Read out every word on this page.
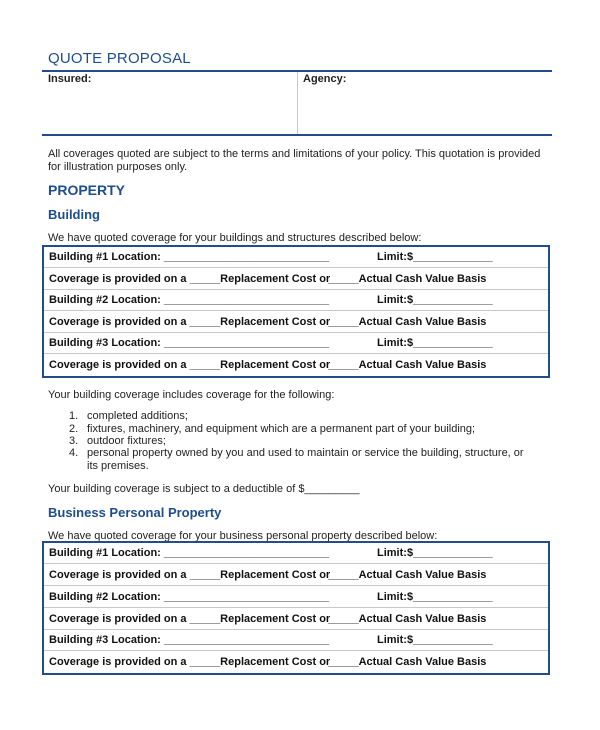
QUOTE PROPOSAL
Insured:	Agency:
All coverages quoted are subject to the terms and limitations of your policy. This quotation is provided for illustration purposes only.
PROPERTY
Building
We have quoted coverage for your buildings and structures described below:
Building #1 Location: ___________________________	Limit:$_____________
Coverage is provided on a _____Replacement Cost or
_____Actual Cash Value Basis
Building #2 Location: ___________________________	Limit:$_____________
Coverage is provided on a _____Replacement Cost or
_____Actual Cash Value Basis
Building #3 Location: ___________________________	Limit:$_____________
Coverage is provided on a _____Replacement Cost or
_____Actual Cash Value Basis
Your building coverage includes coverage for the following:
1. completed additions;
2. fixtures, machinery, and equipment which are a permanent part of your building;
3. outdoor fixtures;
4. personal property owned by you and used to maintain or service the building, structure, or its premises.
Your building coverage is subject to a deductible of $_________
Business Personal Property
We have quoted coverage for your business personal property described below:
Building #1 Location: ___________________________	Limit:$_____________
Coverage is provided on a _____Replacement Cost or
_____Actual Cash Value Basis
Building #2 Location: ___________________________	Limit:$_____________
Coverage is provided on a _____Replacement Cost or
_____Actual Cash Value Basis
Building #3 Location: ___________________________	Limit:$_____________
Coverage is provided on a _____Replacement Cost or
_____Actual Cash Value Basis
